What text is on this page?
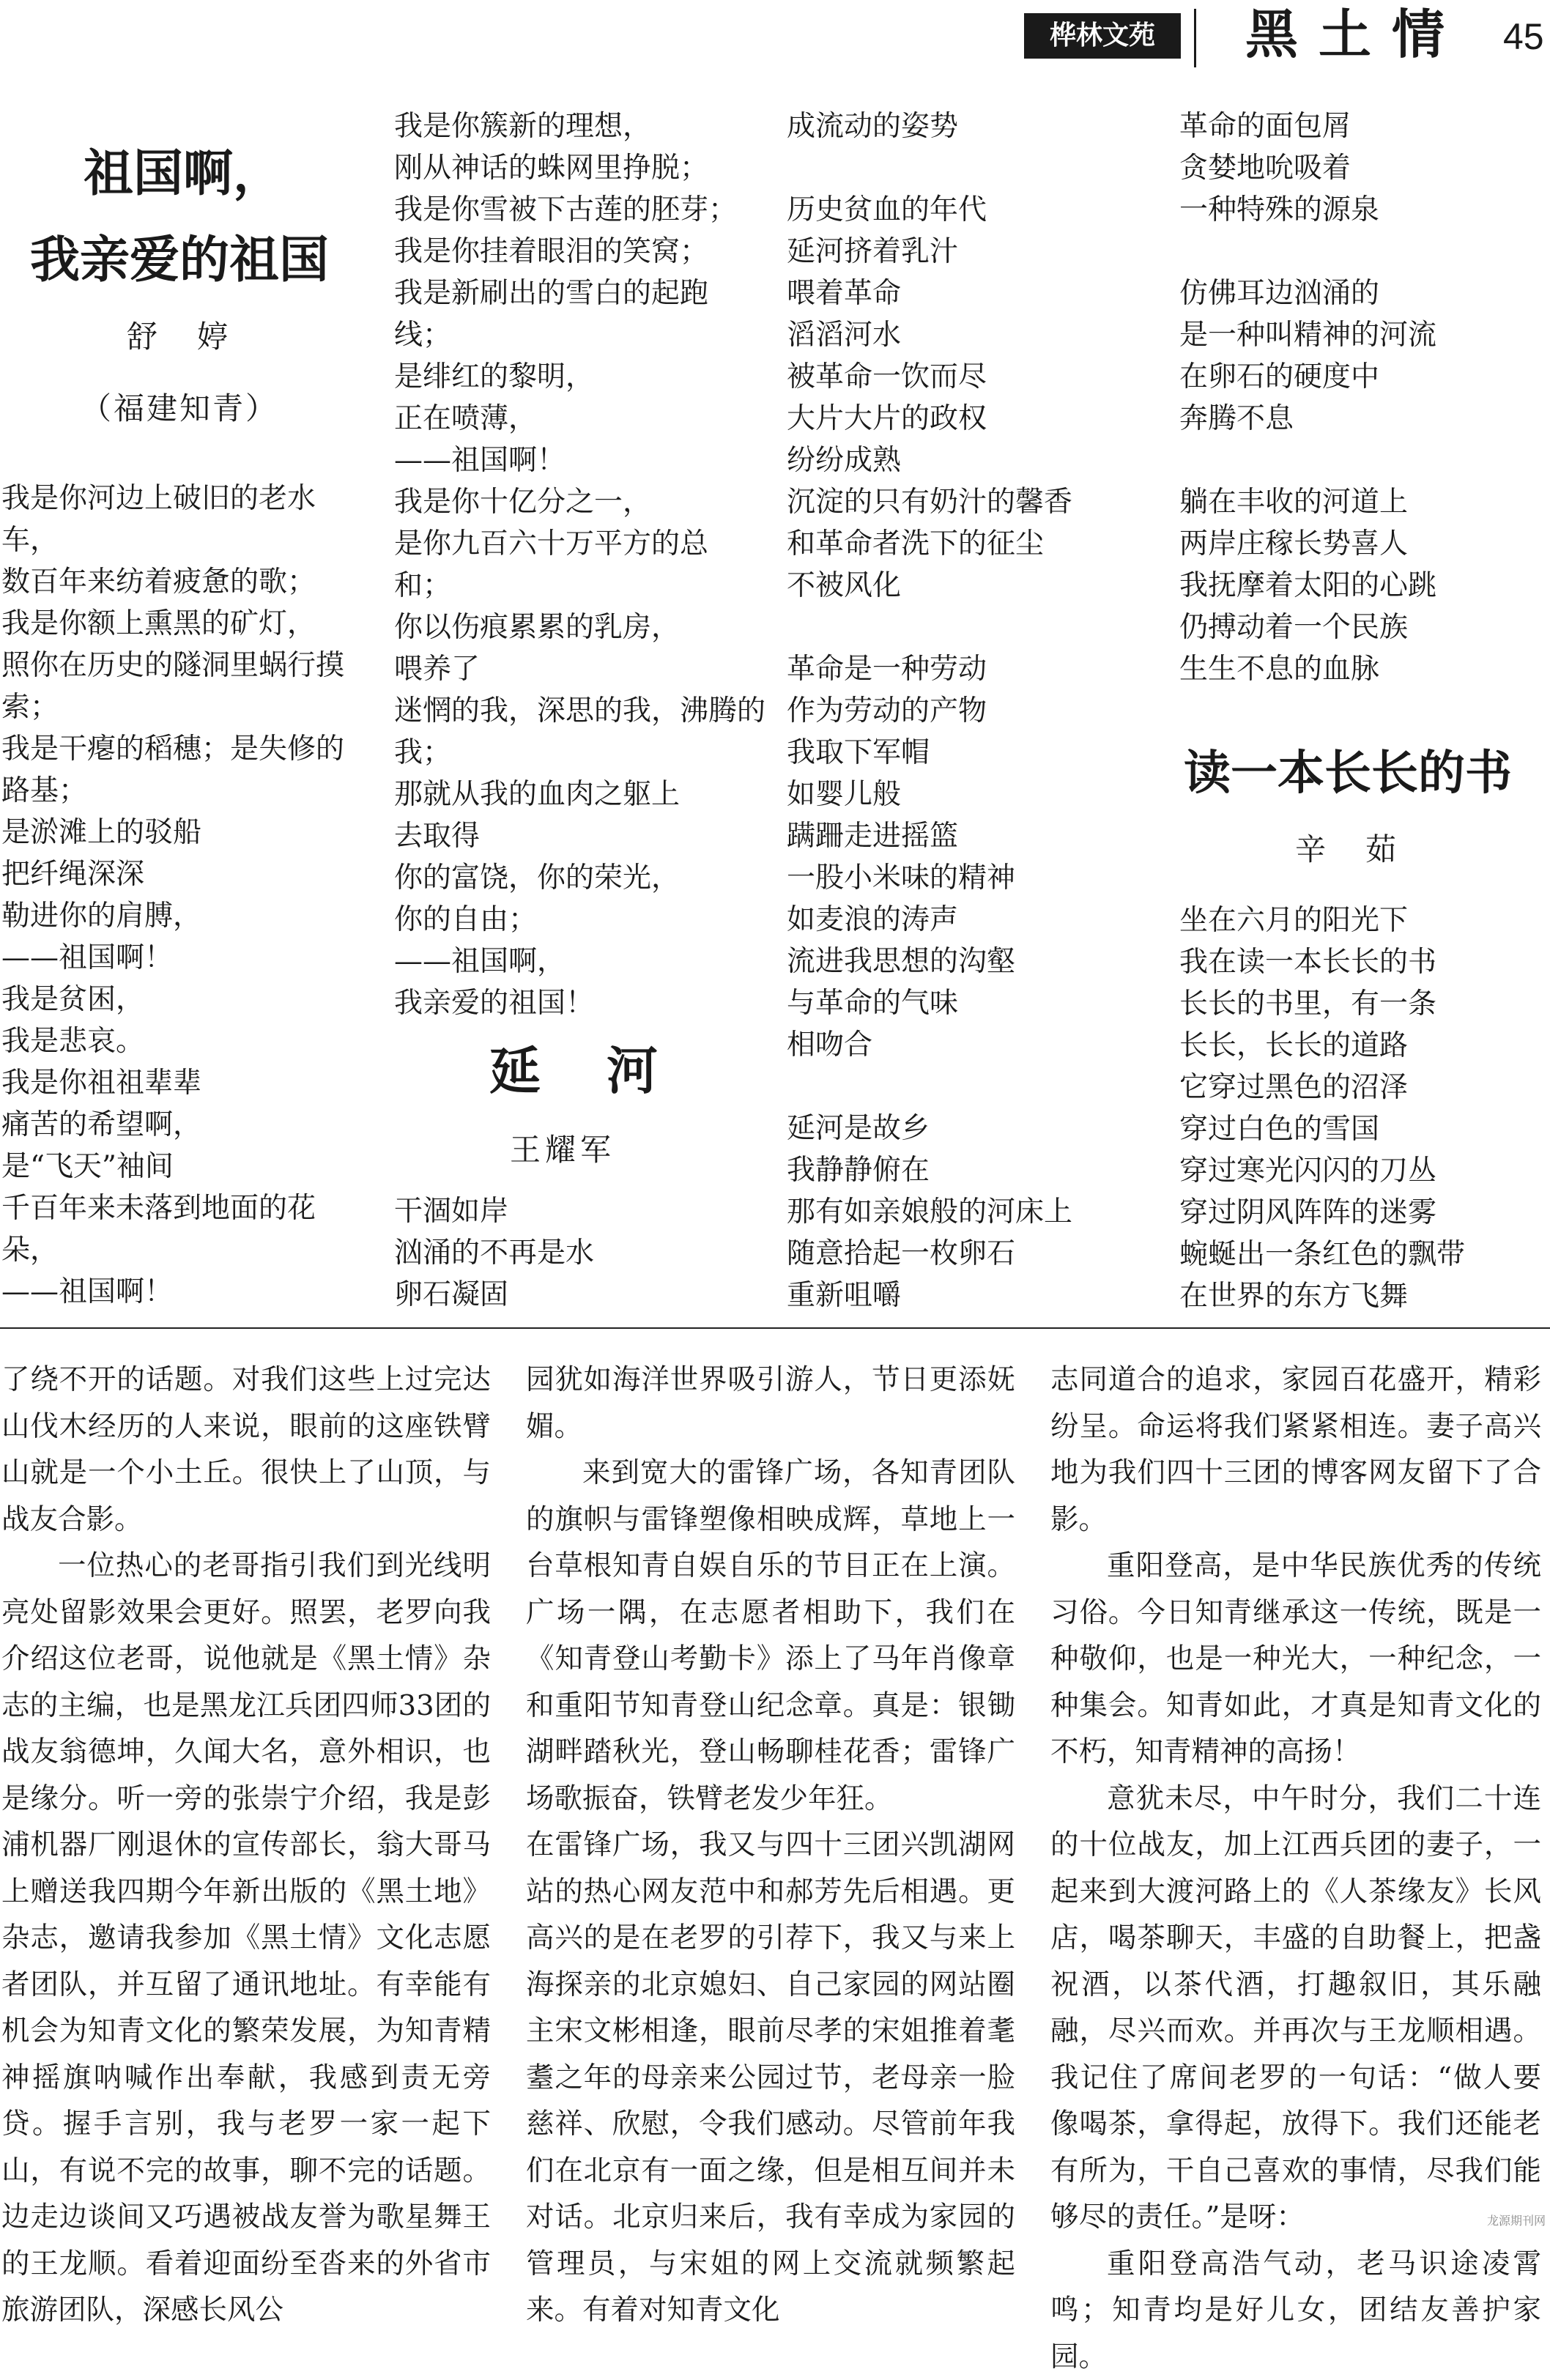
桦林文苑	黑土情 45
祖国啊，
我亲爱的祖国
舒　婷
（福建知青）
我是你河边上破旧的老水
车，
数百年来纺着疲惫的歌；
我是你额上熏黑的矿灯，
照你在历史的隧洞里蜗行摸
索；
我是干瘪的稻穗；是失修的
路基；
是淤滩上的驳船
把纤绳深深
勒进你的肩膊，
——祖国啊！
我是贫困，
我是悲哀。
我是你祖祖辈辈
痛苦的希望啊，
是“飞天”袖间
千百年来未落到地面的花
朵，
——祖国啊！
我是你簇新的理想，
刚从神话的蛛网里挣脱；
我是你雪被下古莲的胚芽；
我是你挂着眼泪的笑窝；
我是新刷出的雪白的起跑
线；
是绯红的黎明，
正在喷薄，
——祖国啊！
我是你十亿分之一，
是你九百六十万平方的总
和；
你以伤痕累累的乳房，
喂养了
迷惘的我，深思的我，沸腾的
我；
那就从我的血肉之躯上
去取得
你的富饶，你的荣光，
你的自由；
——祖国啊，
我亲爱的祖国！
延　河
王耀军
干涸如岸
汹涌的不再是水
卵石凝固
成流动的姿势
历史贫血的年代
延河挤着乳汁
喂着革命
滔滔河水
被革命一饮而尽
大片大片的政权
纷纷成熟
沉淀的只有奶汁的馨香
和革命者洗下的征尘
不被风化
革命是一种劳动
作为劳动的产物
我取下军帽
如婴儿般
蹒跚走进摇篮
一股小米味的精神
如麦浪的涛声
流进我思想的沟壑
与革命的气味
相吻合
延河是故乡
我静静俯在
那有如亲娘般的河床上
随意拾起一枚卵石
重新咀嚼
革命的面包屑
贪婪地吮吸着
一种特殊的源泉
仿佛耳边汹涌的
是一种叫精神的河流
在卵石的硬度中
奔腾不息
躺在丰收的河道上
两岸庄稼长势喜人
我抚摩着太阳的心跳
仍搏动着一个民族
生生不息的血脉
读一本长长的书
辛　茹
坐在六月的阳光下
我在读一本长长的书
长长的书里，有一条
长长，长长的道路
它穿过黑色的沼泽
穿过白色的雪国
穿过寒光闪闪的刀丛
穿过阴风阵阵的迷雾
蜿蜒出一条红色的飘带
在世界的东方飞舞

了绕不开的话题。对我们这些上过完达山伐木经历的人来说，眼前的这座铁臂山就是一个小土丘。很快上了山顶，与战友合影。

一位热心的老哥指引我们到光线明亮处留影效果会更好。照罢，老罗向我介绍这位老哥，说他就是《黑土情》杂志的主编，也是黑龙江兵团四师33团的战友翁德坤，久闻大名，意外相识，也是缘分。听一旁的张崇宁介绍，我是彭浦机器厂刚退休的宣传部长，翁大哥马上赠送我四期今年新出版的《黑土地》杂志，邀请我参加《黑土情》文化志愿者团队，并互留了通讯地址。有幸能有机会为知青文化的繁荣发展，为知青精神摇旗呐喊作出奉献，我感到责无旁贷。握手言别，我与老罗一家一起下山，有说不完的故事，聊不完的话题。边走边谈间又巧遇被战友誉为歌星舞王的王龙顺。看着迎面纷至沓来的外省市旅游团队，深感长风公

园犹如海洋世界吸引游人，节日更添妩媚。

来到宽大的雷锋广场，各知青团队的旗帜与雷锋塑像相映成辉，草地上一台草根知青自娱自乐的节目正在上演。广场一隅，在志愿者相助下，我们在《知青登山考勤卡》添上了马年肖像章和重阳节知青登山纪念章。真是：银锄湖畔踏秋光，登山畅聊桂花香；雷锋广场歌振奋，铁臂老发少年狂。

在雷锋广场，我又与四十三团兴凯湖网站的热心网友范中和郝芳先后相遇。更高兴的是在老罗的引荐下，我又与来上海探亲的北京媳妇、自己家园的网站圈主宋文彬相逢，眼前尽孝的宋姐推着耄耋之年的母亲来公园过节，老母亲一脸慈祥、欣慰，令我们感动。尽管前年我们在北京有一面之缘，但是相互间并未对话。北京归来后，我有幸成为家园的管理员，与宋姐的网上交流就频繁起来。有着对知青文化

志同道合的追求，家园百花盛开，精彩纷呈。命运将我们紧紧相连。妻子高兴地为我们四十三团的博客网友留下了合影。

重阳登高，是中华民族优秀的传统习俗。今日知青继承这一传统，既是一种敬仰，也是一种光大，一种纪念，一种集会。知青如此，才真是知青文化的不朽，知青精神的高扬！

意犹未尽，中午时分，我们二十连的十位战友，加上江西兵团的妻子，一起来到大渡河路上的《人茶缘友》长风店，喝茶聊天，丰盛的自助餐上，把盏祝酒，以茶代酒，打趣叙旧，其乐融融，尽兴而欢。并再次与王龙顺相遇。我记住了席间老罗的一句话：“做人要像喝茶，拿得起，放得下。我们还能老有所为，干自己喜欢的事情，尽我们能够尽的责任。”是呀：

重阳登高浩气动，老马识途凌霄鸣；知青均是好儿女，团结友善护家园。

龙源期刊网
